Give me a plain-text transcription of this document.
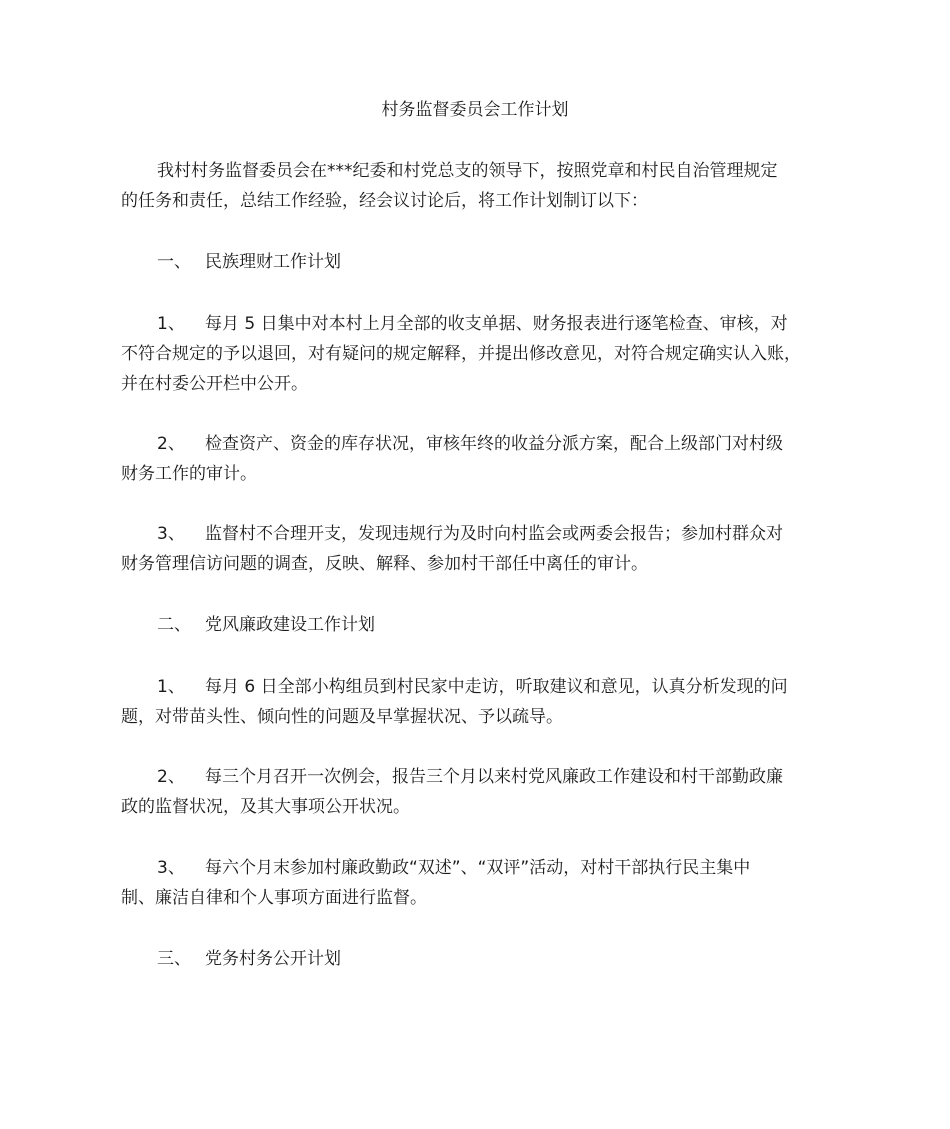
村务监督委员会工作计划
我村村务监督委员会在***纪委和村党总支的领导下，按照党章和村民自治管理规定
的任务和责任，总结工作经验，经会议讨论后，将工作计划制订以下：
一、 民族理财工作计划
1、 每月 5 日集中对本村上月全部的收支单据、财务报表进行逐笔检查、审核，对
不符合规定的予以退回，对有疑问的规定解释，并提出修改意见，对符合规定确实认入账，
并在村委公开栏中公开。
2、 检查资产、资金的库存状况，审核年终的收益分派方案，配合上级部门对村级
财务工作的审计。
3、 监督村不合理开支，发现违规行为及时向村监会或两委会报告；参加村群众对
财务管理信访问题的调查，反映、解释、参加村干部任中离任的审计。
二、 党风廉政建设工作计划
1、 每月 6 日全部小构组员到村民家中走访，听取建议和意见，认真分析发现的问
题，对带苗头性、倾向性的问题及早掌握状况、予以疏导。
2、 每三个月召开一次例会，报告三个月以来村党风廉政工作建设和村干部勤政廉
政的监督状况，及其大事项公开状况。
3、 每六个月末参加村廉政勤政“双述”、“双评”活动，对村干部执行民主集中
制、廉洁自律和个人事项方面进行监督。
三、 党务村务公开计划
